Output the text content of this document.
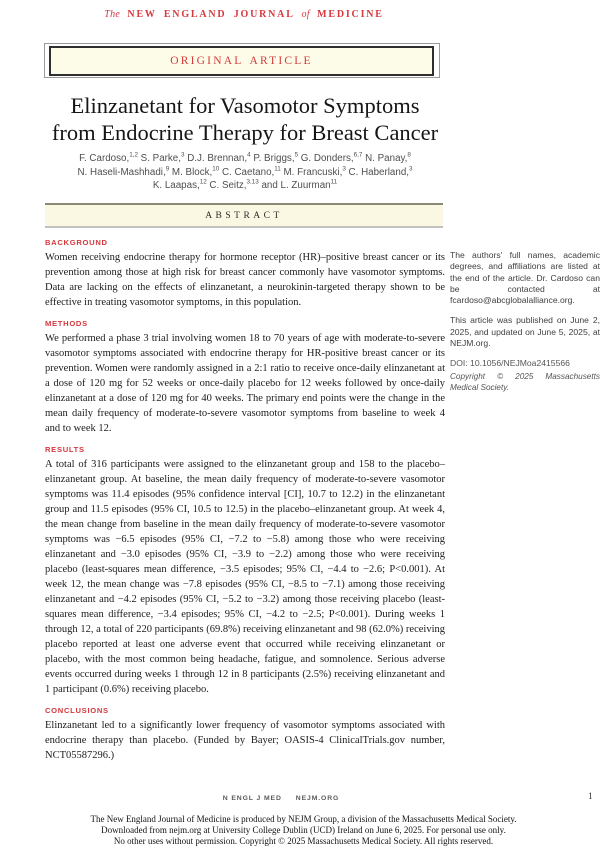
The NEW ENGLAND JOURNAL of MEDICINE
ORIGINAL ARTICLE
Elinzanetant for Vasomotor Symptoms
from Endocrine Therapy for Breast Cancer
F. Cardoso,$^{1,2}$ S. Parke,$^3$ D.J. Brennan,$^4$ P. Briggs,$^5$ G. Donders,$^{6,7}$ N. Panay,$^8$
N. Haseli-Mashhadi,$^9$ M. Block,$^{10}$ C. Caetano,$^{11}$ M. Francuski,$^3$ C. Haberland,$^3$
K. Laapas,$^{12}$ C. Seitz,$^{3,13}$ and L. Zuurman$^{11}$
ABSTRACT
BACKGROUND
Women receiving endocrine therapy for hormone receptor (HR)–positive breast cancer or its prevention among those at high risk for breast cancer commonly have vasomotor symptoms. Data are lacking on the effects of elinzanetant, a neurokinin-targeted therapy shown to be effective in treating vasomotor symptoms, in this population.
METHODS
We performed a phase 3 trial involving women 18 to 70 years of age with moderate-to-severe vasomotor symptoms associated with endocrine therapy for HR-positive breast cancer or its prevention. Women were randomly assigned in a 2:1 ratio to receive once-daily elinzanetant at a dose of 120 mg for 52 weeks or once-daily placebo for 12 weeks followed by once-daily elinzanetant at a dose of 120 mg for 40 weeks. The primary end points were the change in the mean daily frequency of moderate-to-severe vasomotor symptoms from baseline to week 4 and to week 12.
RESULTS
A total of 316 participants were assigned to the elinzanetant group and 158 to the placebo–elinzanetant group. At baseline, the mean daily frequency of moderate-to-severe vasomotor symptoms was 11.4 episodes (95% confidence interval [CI], 10.7 to 12.2) in the elinzanetant group and 11.5 episodes (95% CI, 10.5 to 12.5) in the placebo–elinzanetant group. At week 4, the mean change from baseline in the mean daily frequency of moderate-to-severe vasomotor symptoms was −6.5 episodes (95% CI, −7.2 to −5.8) among those who were receiving elinzanetant and −3.0 episodes (95% CI, −3.9 to −2.2) among those who were receiving placebo (least-squares mean difference, −3.5 episodes; 95% CI, −4.4 to −2.6; P<0.001). At week 12, the mean change was −7.8 episodes (95% CI, −8.5 to −7.1) among those receiving elinzanetant and −4.2 episodes (95% CI, −5.2 to −3.2) among those receiving placebo (least-squares mean difference, −3.4 episodes; 95% CI, −4.2 to −2.5; P<0.001). During weeks 1 through 12, a total of 220 participants (69.8%) receiving elinzanetant and 98 (62.0%) receiving placebo reported at least one adverse event that occurred while receiving elinzanetant or placebo, with the most common being headache, fatigue, and somnolence. Serious adverse events occurred during weeks 1 through 12 in 8 participants (2.5%) receiving elinzanetant and 1 participant (0.6%) receiving placebo.
CONCLUSIONS
Elinzanetant led to a significantly lower frequency of vasomotor symptoms associated with endocrine therapy than placebo. (Funded by Bayer; OASIS-4 ClinicalTrials.gov number, NCT05587296.)

The authors' full names, academic degrees, and affiliations are listed at the end of the article. Dr. Cardoso can be contacted at fcardoso@abcglobalalliance.org.

This article was published on June 2, 2025, and updated on June 5, 2025, at NEJM.org.

DOI: 10.1056/NEJMoa2415566

Copyright © 2025 Massachusetts Medical Society.

N ENGL J MED NEJM.ORG	1
The New England Journal of Medicine is produced by NEJM Group, a division of the Massachusetts Medical Society.
Downloaded from nejm.org at University College Dublin (UCD) Ireland on June 6, 2025. For personal use only.
No other uses without permission. Copyright © 2025 Massachusetts Medical Society. All rights reserved.
